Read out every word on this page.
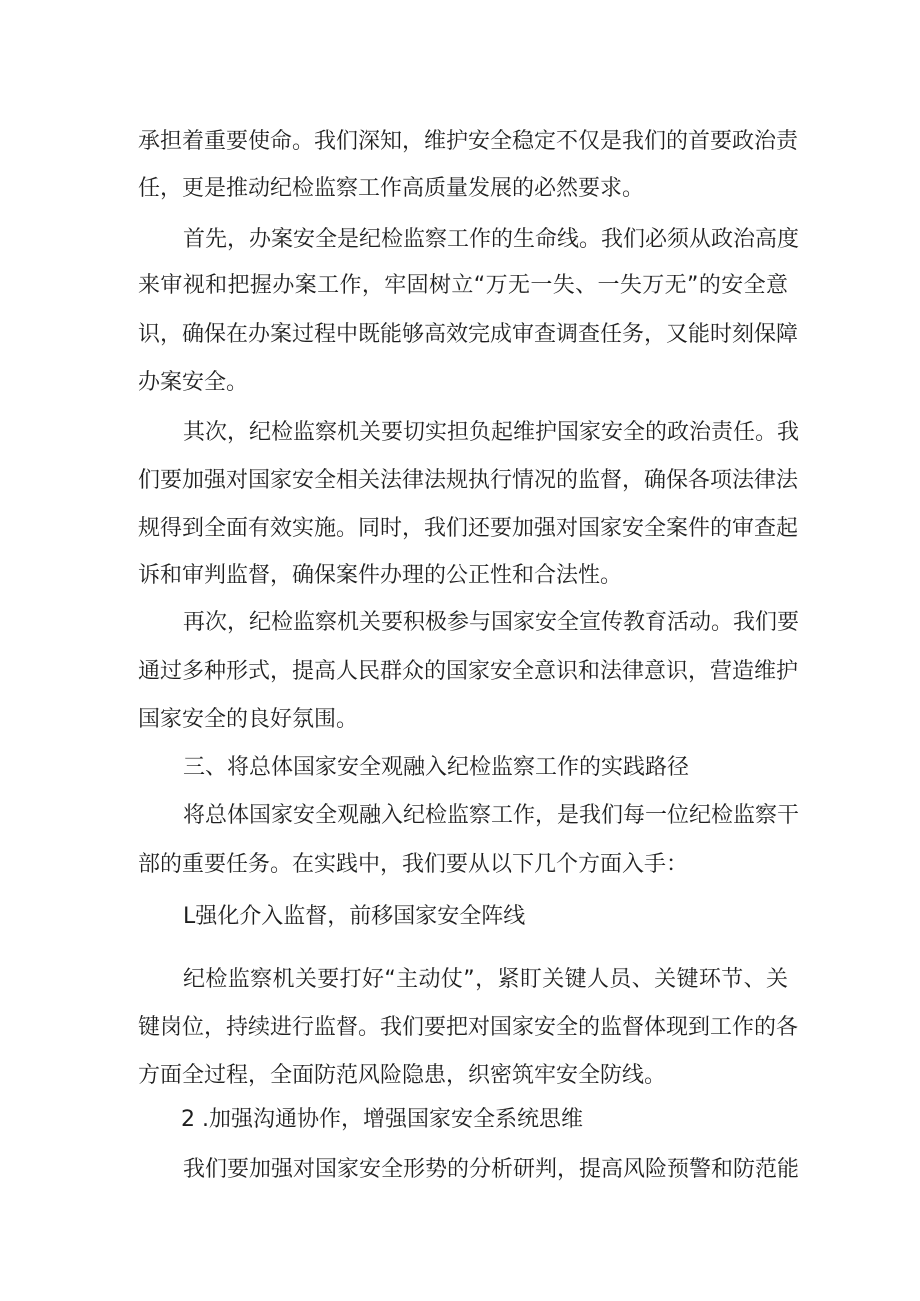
承担着重要使命。我们深知，维护安全稳定不仅是我们的首要政治责

任，更是推动纪检监察工作高质量发展的必然要求。

首先，办案安全是纪检监察工作的生命线。我们必须从政治高度

来审视和把握办案工作，牢固树立“万无一失、一失万无”的安全意

识，确保在办案过程中既能够高效完成审查调查任务，又能时刻保障

办案安全。

其次，纪检监察机关要切实担负起维护国家安全的政治责任。我

们要加强对国家安全相关法律法规执行情况的监督，确保各项法律法

规得到全面有效实施。同时，我们还要加强对国家安全案件的审查起

诉和审判监督，确保案件办理的公正性和合法性。

再次，纪检监察机关要积极参与国家安全宣传教育活动。我们要

通过多种形式，提高人民群众的国家安全意识和法律意识，营造维护

国家安全的良好氛围。

三、将总体国家安全观融入纪检监察工作的实践路径

将总体国家安全观融入纪检监察工作，是我们每一位纪检监察干

部的重要任务。在实践中，我们要从以下几个方面入手：

L强化介入监督，前移国家安全阵线

纪检监察机关要打好“主动仗”，紧盯关键人员、关键环节、关

键岗位，持续进行监督。我们要把对国家安全的监督体现到工作的各

方面全过程，全面防范风险隐患，织密筑牢安全防线。

2 .加强沟通协作，增强国家安全系统思维

我们要加强对国家安全形势的分析研判，提高风险预警和防范能
